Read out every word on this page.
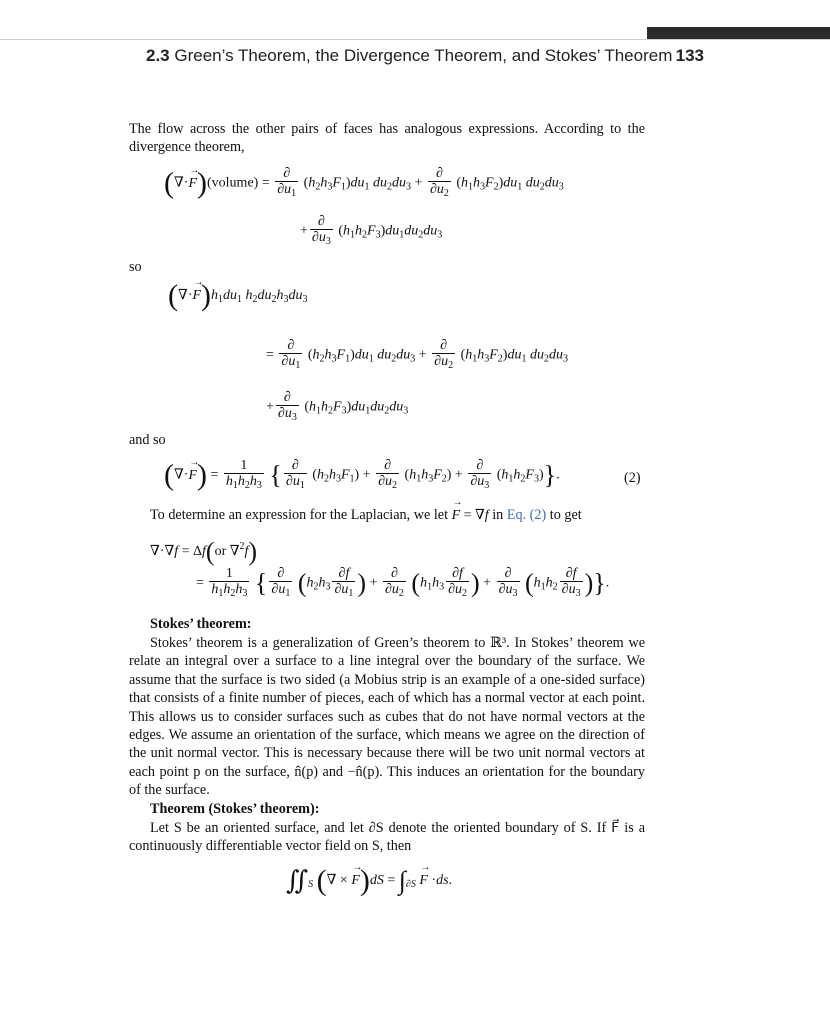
2.3 Green’s Theorem, the Divergence Theorem, and Stokes’ Theorem 133
The flow across the other pairs of faces has analogous expressions. According to the divergence theorem,
(∇·→ F)(volume) = $\frac{\partial}{\partial u_1} (h_2h_3F_1)du_1$ $du_2du_3 + \frac{\partial}{\partial u_2} (h_1h_3F_2)du_1$ $du_2du_3$
+ $\frac{\partial}{\partial u_3} (h_1h_2F_3)du_1du_2du_3$
so
(∇·→ $F)h_1du_1$ $h_2du_2h_3du_3$
= $\frac{\partial}{\partial u_1} (h_2h_3F_1)du_1$ $du_2du_3 + \frac{\partial}{\partial u_2} (h_1h_3F_2)du_1$ $du_2du_3$
+ $\frac{\partial}{\partial u_3} (h_1h_2F_3)du_1du_2du_3$
and so
(∇·→ $F) = \frac{1}{h_1h_2h_3}$ { $\frac{\partial}{\partial u_1} (h_2h_3F_1) + \frac{\partial}{\partial u_2} (h_1h_3F_2) + \frac{\partial}{\partial u_3} (h_1h_2F_3)$}.	(2)
To determine an expression for the Laplacian, we let → F = ∇f in Eq. (2) to get
∇·∇f = Δf(or ∇$^2$f)
= $\frac{1}{h_1h_2h_3}$ { $\frac{\partial}{\partial u_1} (h_2h_3 \frac{\partial f}{\partial u_1}$ ) + $\frac{\partial}{\partial u_2} (h_1h_3 \frac{\partial f}{\partial u_2}$ ) + $\frac{\partial}{\partial u_3} (h_1h_2 \frac{\partial f}{\partial u_3}$ )}.
Stokes’ theorem:
Stokes’ theorem is a generalization of Green’s theorem to ℝ³. In Stokes’ theorem we relate an integral over a surface to a line integral over the boundary of the surface. We assume that the surface is two sided (a Mobius strip is an example of a one-sided surface) that consists of a finite number of pieces, each of which has a normal vector at each point. This allows us to consider surfaces such as cubes that do not have normal vectors at the edges. We assume an orientation of the surface, which means we agree on the direction of the unit normal vector. This is necessary because there will be two unit normal vectors at each point p on the surface, n̂(p) and −n̂(p). This induces an orientation for the boundary of the surface.
Theorem (Stokes’ theorem):
Let S be an oriented surface, and let ∂S denote the oriented boundary of S. If F⃗ is a continuously differentiable vector field on S, then
$∬_S$ (∇ × → $F)dS = \int_{\partial S} \to F \cdot ds$.
